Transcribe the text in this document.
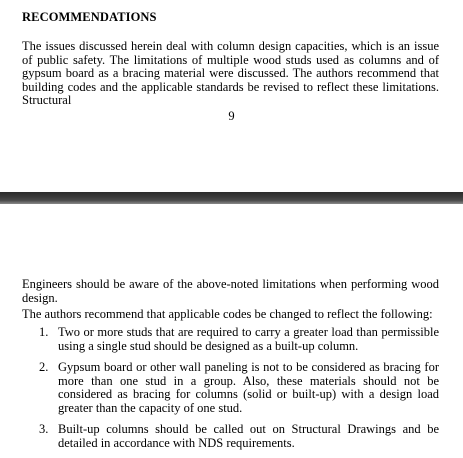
RECOMMENDATIONS

The issues discussed herein deal with column design capacities, which is an issue of public safety. The limitations of multiple wood studs used as columns and of gypsum board as a bracing material were discussed. The authors recommend that building codes and the applicable standards be revised to reflect these limitations. Structural

9

Engineers should be aware of the above-noted limitations when performing wood design.

The authors recommend that applicable codes be changed to reflect the following:

1. Two or more studs that are required to carry a greater load than permissible using a single stud should be designed as a built-up column.
2. Gypsum board or other wall paneling is not to be considered as bracing for more than one stud in a group. Also, these materials should not be considered as bracing for columns (solid or built-up) with a design load greater than the capacity of one stud.
3. Built-up columns should be called out on Structural Drawings and be detailed in accordance with NDS requirements.
